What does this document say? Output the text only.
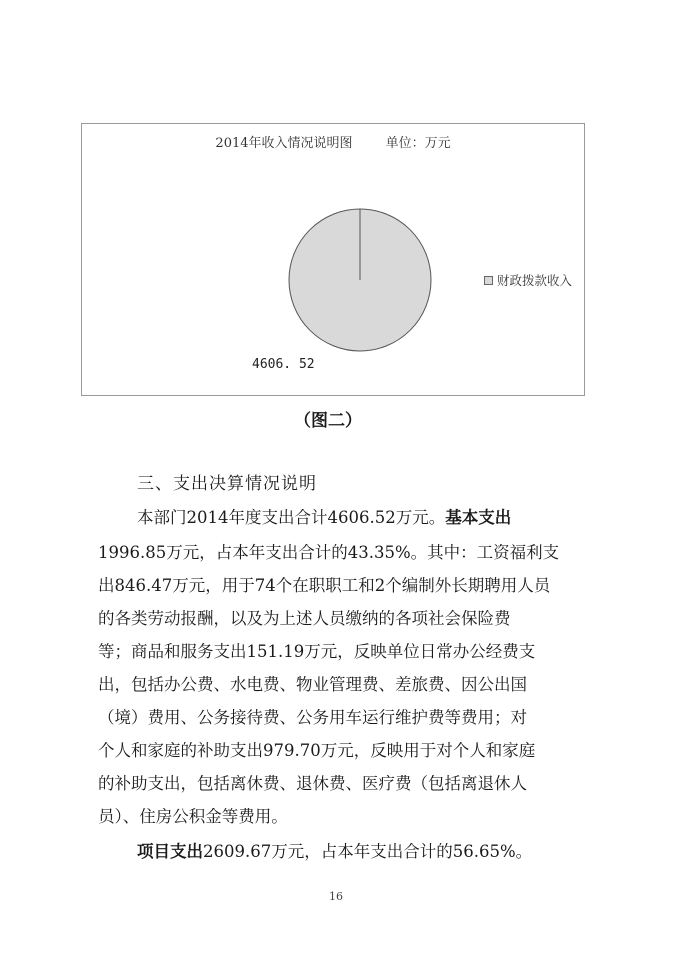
2014年收入情况说明图        单位：万元
财政拨款收入
4606. 52
（图二）
三、支出决算情况说明
本部门2014年度支出合计4606.52万元。基本支出
1996.85万元，占本年支出合计的43.35%。其中：工资福利支
出846.47万元，用于74个在职职工和2个编制外长期聘用人员
的各类劳动报酬，以及为上述人员缴纳的各项社会保险费
等；商品和服务支出151.19万元，反映单位日常办公经费支
出，包括办公费、水电费、物业管理费、差旅费、因公出国
（境）费用、公务接待费、公务用车运行维护费等费用；对
个人和家庭的补助支出979.70万元，反映用于对个人和家庭
的补助支出，包括离休费、退休费、医疗费（包括离退休人
员）、住房公积金等费用。
项目支出2609.67万元，占本年支出合计的56.65%。
16
